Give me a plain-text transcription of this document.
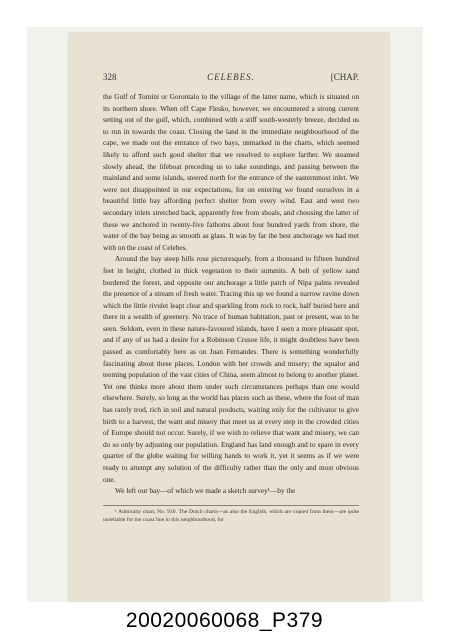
328	CELEBES.	[CHAP.

the Gulf of Tomini or Gorontalo to the village of the latter name, which is situated on its northern shore. When off Cape Flesko, however, we encountered a strong current setting out of the gulf, which, combined with a stiff south-westerly breeze, decided us to run in towards the coast. Closing the land in the immediate neighbourhood of the cape, we made out the entrance of two bays, unmarked in the charts, which seemed likely to afford such good shelter that we resolved to explore farther. We steamed slowly ahead, the lifeboat preceding us to take soundings, and passing between the mainland and some islands, steered north for the entrance of the easternmost inlet. We were not disappointed in our expectations, for on entering we found ourselves in a beautiful little bay affording perfect shelter from every wind. East and west two secondary inlets stretched back, apparently free from shoals, and choosing the latter of these we anchored in twenty-five fathoms about four hundred yards from shore, the water of the bay being as smooth as glass. It was by far the best anchorage we had met with on the coast of Celebes.

Around the bay steep hills rose picturesquely, from a thousand to fifteen hundred feet in height, clothed in thick vegetation to their summits. A belt of yellow sand bordered the forest, and opposite our anchorage a little patch of Nipa palms revealed the presence of a stream of fresh water. Tracing this up we found a narrow ravine down which the little rivulet leapt clear and sparkling from rock to rock, half buried here and there in a wealth of greenery. No trace of human habitation, past or present, was to be seen. Seldom, even in these nature-favoured islands, have I seen a more pleasant spot, and if any of us had a desire for a Robinson Crusoe life, it might doubtless have been passed as comfortably here as on Juan Fernandes. There is something wonderfully fascinating about these places. London with her crowds and misery; the squalor and teeming population of the vast cities of China, seem almost to belong to another planet. Yet one thinks more about them under such circumstances perhaps than one would elsewhere. Surely, so long as the world has places such as these, where the foot of man has rarely trod, rich in soil and natural products, waiting only for the cultivator to give birth to a harvest, the want and misery that meet us at every step in the crowded cities of Europe should not occur. Surely, if we wish to relieve that want and misery, we can do so only by adjusting our population. England has land enough and to spare in every quarter of the globe waiting for willing hands to work it, yet it seems as if we were ready to attempt any solution of the difficulty rather than the only and most obvious one.

We left our bay—of which we made a sketch survey¹—by the

¹ Admiralty chart, No. 930. The Dutch charts—as also the English, which are copied from them—are quite unreliable for the coast line in this neighbourhood, for
20020060068_P379
